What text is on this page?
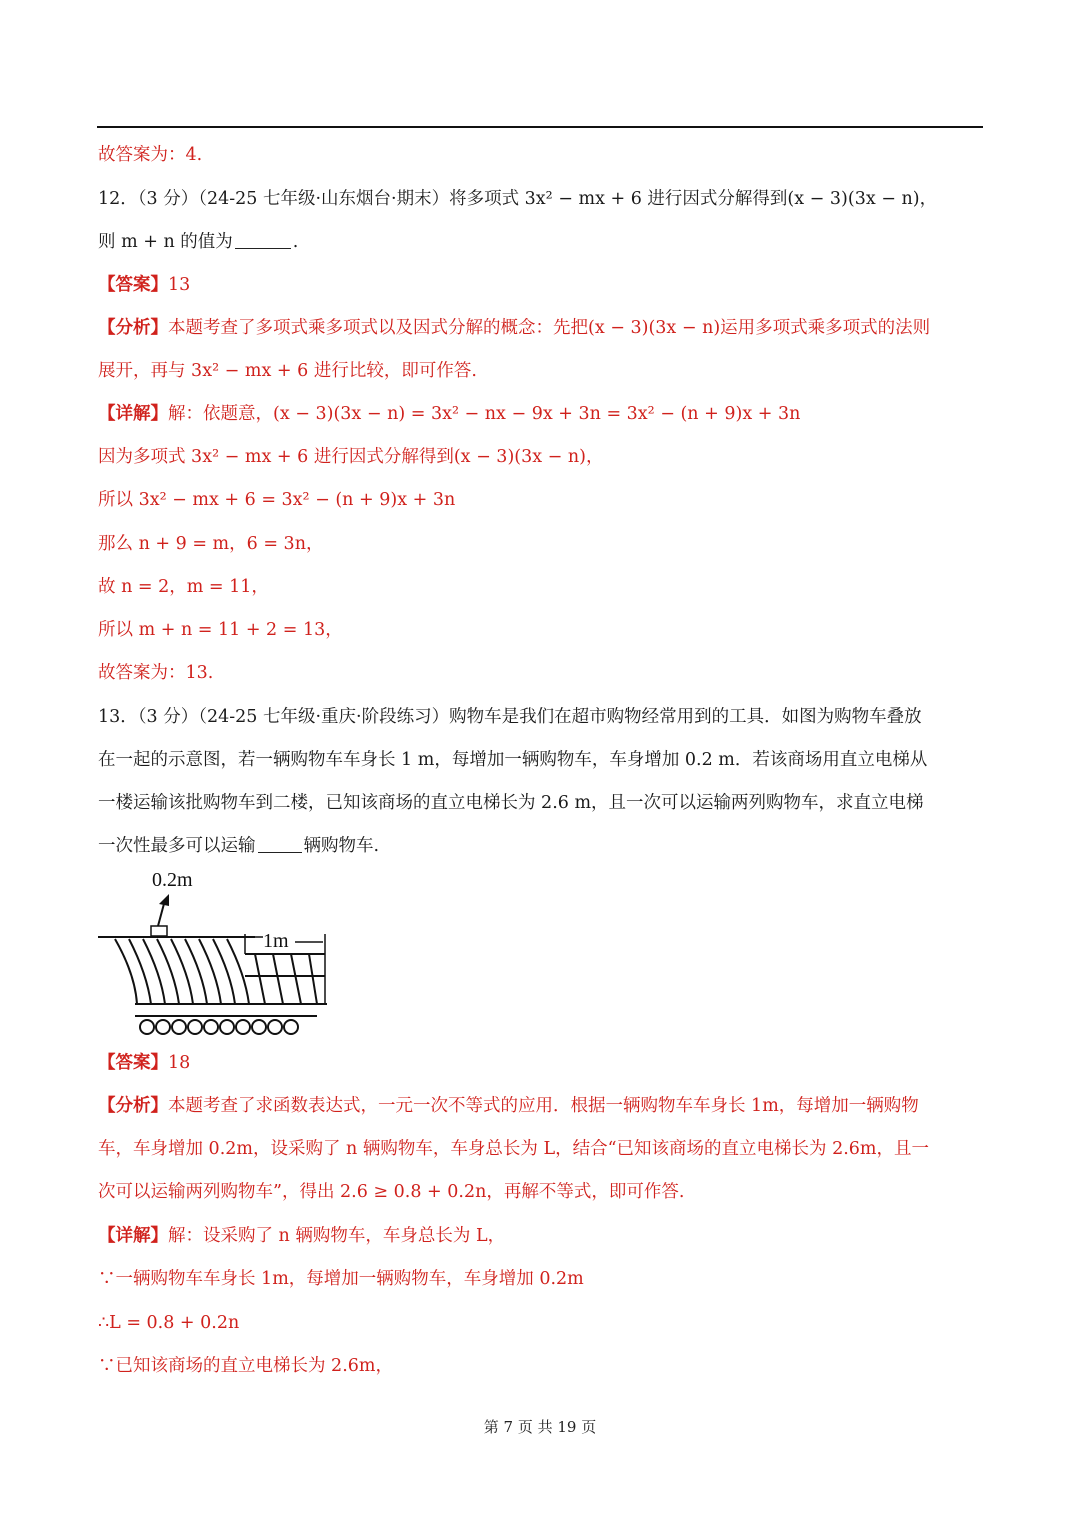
故答案为：4.
12．（3 分）（24-25 七年级·山东烟台·期末）将多项式 3x² − mx + 6 进行因式分解得到(x − 3)(3x − n)，
则 m + n 的值为	.
【答案】13
【分析】本题考查了多项式乘多项式以及因式分解的概念：先把(x − 3)(3x − n)运用多项式乘多项式的法则
展开，再与 3x² − mx + 6 进行比较，即可作答.
【详解】解：依题意，(x − 3)(3x − n) = 3x² − nx − 9x + 3n = 3x² − (n + 9)x + 3n
因为多项式 3x² − mx + 6 进行因式分解得到(x − 3)(3x − n)，
所以 3x² − mx + 6 = 3x² − (n + 9)x + 3n
那么 n + 9 = m，6 = 3n，
故 n = 2，m = 11，
所以 m + n = 11 + 2 = 13，
故答案为：13.
13．（3 分）（24-25 七年级·重庆·阶段练习）购物车是我们在超市购物经常用到的工具．如图为购物车叠放
在一起的示意图，若一辆购物车车身长 1 m，每增加一辆购物车，车身增加 0.2 m．若该商场用直立电梯从
一楼运输该批购物车到二楼，已知该商场的直立电梯长为 2.6 m，且一次可以运输两列购物车，求直立电梯
一次性最多可以运输	辆购物车.
0.2m
1m
【答案】18
【分析】本题考查了求函数表达式，一元一次不等式的应用．根据一辆购物车车身长 1m，每增加一辆购物
车，车身增加 0.2m，设采购了 n 辆购物车，车身总长为 L，结合“已知该商场的直立电梯长为 2.6m，且一
次可以运输两列购物车”，得出 2.6 ≥ 0.8 + 0.2n，再解不等式，即可作答.
【详解】解：设采购了 n 辆购物车，车身总长为 L，
∵一辆购物车车身长 1m，每增加一辆购物车，车身增加 0.2m
∴L = 0.8 + 0.2n
∵已知该商场的直立电梯长为 2.6m，
第 7 页 共 19 页
